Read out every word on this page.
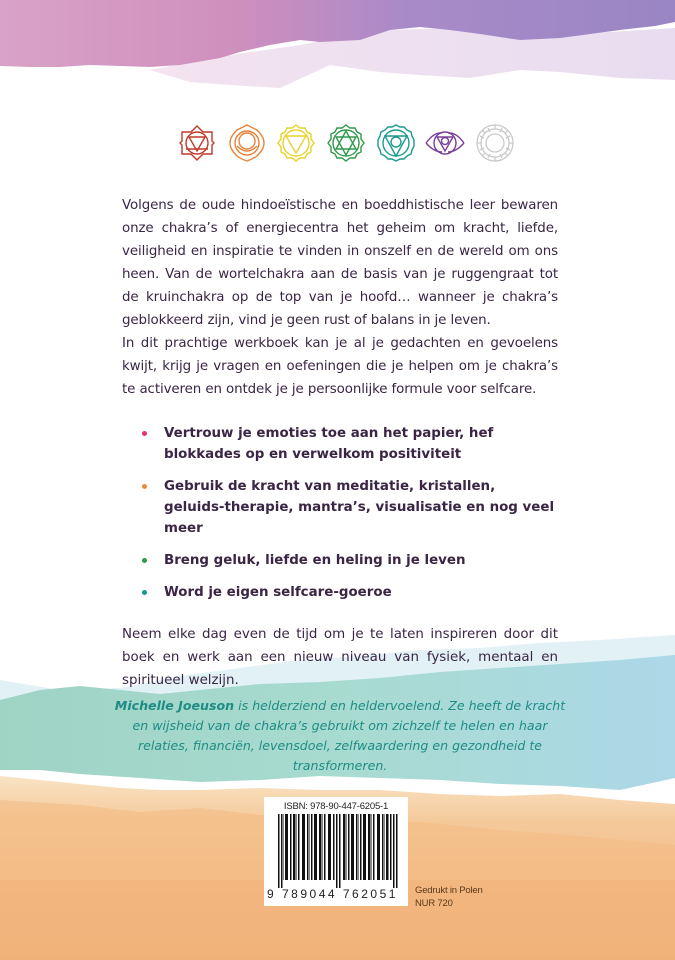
Volgens de oude hindoeïstische en boeddhistische leer bewaren onze chakra’s of energiecentra het geheim om kracht, liefde, veiligheid en inspiratie te vinden in onszelf en de wereld om ons heen. Van de wortelchakra aan de basis van je ruggengraat tot de kruinchakra op de top van je hoofd… wanneer je chakra’s geblokkeerd zijn, vind je geen rust of balans in je leven.

In dit prachtige werkboek kan je al je gedachten en gevoelens kwijt, krijg je vragen en oefeningen die je helpen om je chakra’s te activeren en ontdek je je persoonlijke formule voor selfcare.

Vertrouw je emoties toe aan het papier, hef blokkades op en verwelkom positiviteit
Gebruik de kracht van meditatie, kristallen, geluids-therapie, mantra’s, visualisatie en nog veel meer
Breng geluk, liefde en heling in je leven
Word je eigen selfcare-goeroe

Neem elke dag even de tijd om je te laten inspireren door dit boek en werk aan een nieuw niveau van fysiek, mentaal en spiritueel welzijn.

Michelle Joeuson is helderziend en heldervoelend. Ze heeft de kracht en wijsheid van de chakra’s gebruikt om zichzelf te helen en haar relaties, financiën, levensdoel, zelfwaardering en gezondheid te transformeren.

ISBN: 978-90-447-6205-1
9 789044 762051	Gedrukt in Polen
NUR 720
